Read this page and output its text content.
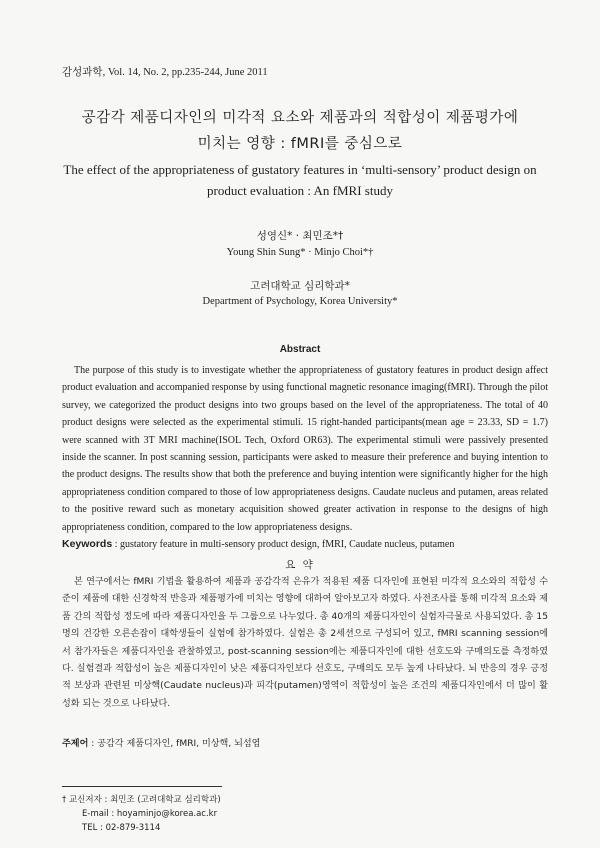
감성과학, Vol. 14, No. 2, pp.235-244, June 2011
공감각 제품디자인의 미각적 요소와 제품과의 적합성이 제품평가에
미치는 영향 : fMRI를 중심으로
The effect of the appropriateness of gustatory features in ‘multi-sensory’ product design on
product evaluation : An fMRI study
성영신* · 최민조*†
Young Shin Sung* · Minjo Choi*†
고려대학교 심리학과*
Department of Psychology, Korea University*
Abstract

The purpose of this study is to investigate whether the appropriateness of gustatory features in product design affect product evaluation and accompanied response by using functional magnetic resonance imaging(fMRI). Through the pilot survey, we categorized the product designs into two groups based on the level of the appropriateness. The total of 40 product designs were selected as the experimental stimuli. 15 right-handed participants(mean age = 23.33, SD = 1.7) were scanned with 3T MRI machine(ISOL Tech, Oxford OR63). The experimental stimuli were passively presented inside the scanner. In post scanning session, participants were asked to measure their preference and buying intention to the product designs. The results show that both the preference and buying intention were significantly higher for the high appropriateness condition compared to those of low appropriateness designs. Caudate nucleus and putamen, areas related to the positive reward such as monetary acquisition showed greater activation in response to the designs of high appropriateness condition, compared to the low appropriateness designs.

Keywords : gustatory feature in multi-sensory product design, fMRI, Caudate nucleus, putamen
요 약

본 연구에서는 fMRI 기법을 활용하여 제품과 공감각적 은유가 적용된 제품 디자인에 표현된 미각적 요소와의 적합성 수준이 제품에 대한 신경학적 반응과 제품평가에 미치는 영향에 대하여 알아보고자 하였다. 사전조사를 통해 미각적 요소와 제품 간의 적합성 정도에 따라 제품디자인을 두 그룹으로 나누었다. 총 40개의 제품디자인이 실험자극물로 사용되었다. 총 15명의 건강한 오른손잡이 대학생들이 실험에 참가하였다. 실험은 총 2세션으로 구성되어 있고, fMRI scanning session에서 참가자들은 제품디자인을 관찰하였고, post-scanning session에는 제품디자인에 대한 선호도와 구매의도를 측정하였다. 실험결과 적합성이 높은 제품디자인이 낮은 제품디자인보다 선호도, 구매의도 모두 높게 나타났다. 뇌 반응의 경우 긍정적 보상과 관련된 미상핵(Caudate nucleus)과 피각(putamen)영역이 적합성이 높은 조건의 제품디자인에서 더 많이 활성화 되는 것으로 나타났다.

주제어 : 공감각 제품디자인, fMRI, 미상핵, 뇌섬엽
† 교신저자 : 최민조 (고려대학교 심리학과)
E-mail : hoyaminjo@korea.ac.kr
TEL : 02-879-3114
